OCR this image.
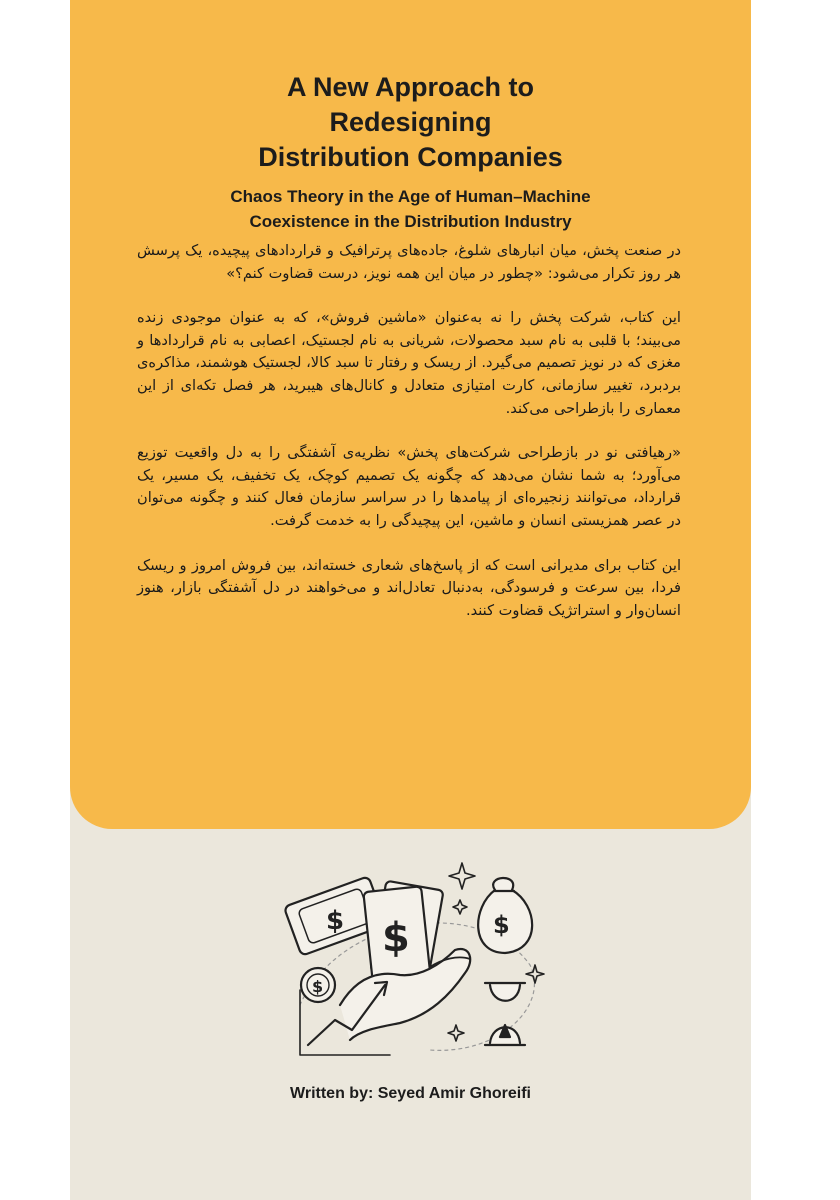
A New Approach to
Redesigning
Distribution Companies
Chaos Theory in the Age of Human–Machine
Coexistence in the Distribution Industry

در صنعت پخش، میان انبارهای شلوغ، جاده‌های پرترافیک و قراردادهای پیچیده، یک پرسش هر روز تکرار می‌شود: «چطور در میان این همه نویز، درست قضاوت کنم؟»

این کتاب، شرکت پخش را نه به‌عنوان «ماشین فروش»، که به عنوان موجودی زنده می‌بیند؛ با قلبی به نام سبد محصولات، شریانی به نام لجستیک، اعصابی به نام قراردادها و مغزی که در نویز تصمیم می‌گیرد. از ریسک و رفتار تا سبد کالا، لجستیک هوشمند، مذاکره‌ی بردبرد، تغییر سازمانی، کارت امتیازی متعادل و کانال‌های هیبرید، هر فصل تکه‌ای از این معماری را بازطراحی می‌کند.

«رهیافتی نو در بازطراحی شرکت‌های پخش» نظریه‌ی آشفتگی را به دل واقعیت توزیع می‌آورد؛ به شما نشان می‌دهد که چگونه یک تصمیم کوچک، یک تخفیف، یک مسیر، یک قرارداد، می‌توانند زنجیره‌ای از پیامدها را در سراسر سازمان فعال کنند و چگونه می‌توان در عصر همزیستی انسان و ماشین، این پیچیدگی را به خدمت گرفت.

این کتاب برای مدیرانی است که از پاسخ‌های شعاری خسته‌اند، بین فروش امروز و ریسک فردا، بین سرعت و فرسودگی، به‌دنبال تعادل‌اند و می‌خواهند در دل آشفتگی بازار، هنوز انسان‌وار و استراتژیک قضاوت کنند.

$ $	$
$
Written by: Seyed Amir Ghoreifi
